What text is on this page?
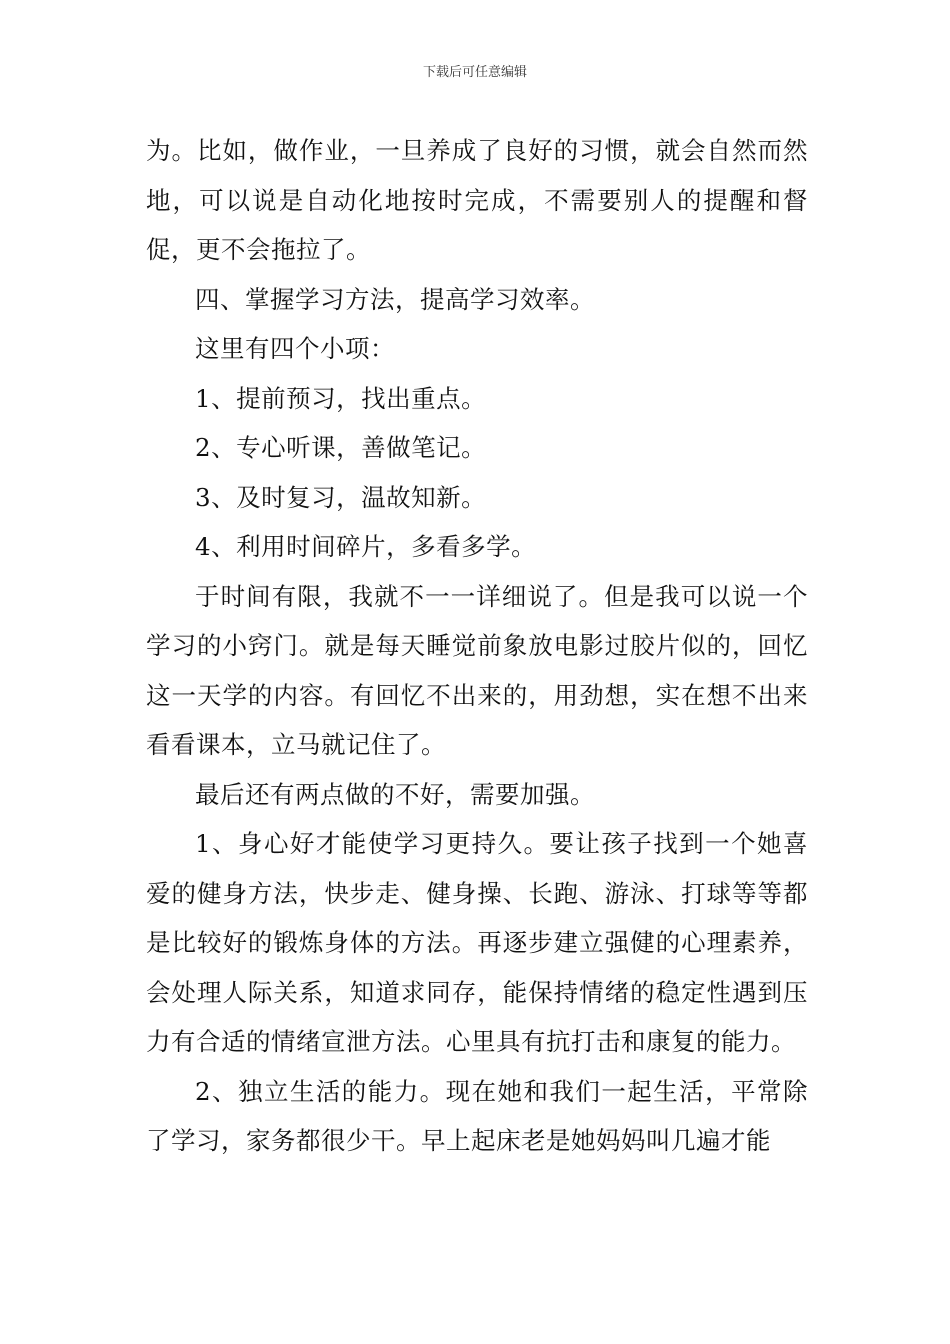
下载后可任意编辑

为。比如，做作业，一旦养成了良好的习惯，就会自然而然地，可以说是自动化地按时完成，不需要别人的提醒和督促，更不会拖拉了。

四、掌握学习方法，提高学习效率。

这里有四个小项：

1、提前预习，找出重点。

2、专心听课，善做笔记。

3、及时复习，温故知新。

4、利用时间碎片，多看多学。

于时间有限，我就不一一详细说了。但是我可以说一个学习的小窍门。就是每天睡觉前象放电影过胶片似的，回忆这一天学的内容。有回忆不出来的，用劲想，实在想不出来看看课本，立马就记住了。

最后还有两点做的不好，需要加强。

1、身心好才能使学习更持久。要让孩子找到一个她喜爱的健身方法，快步走、健身操、长跑、游泳、打球等等都是比较好的锻炼身体的方法。再逐步建立强健的心理素养，会处理人际关系，知道求同存，能保持情绪的稳定性遇到压力有合适的情绪宣泄方法。心里具有抗打击和康复的能力。

2、独立生活的能力。现在她和我们一起生活，平常除了学习，家务都很少干。早上起床老是她妈妈叫几遍才能
